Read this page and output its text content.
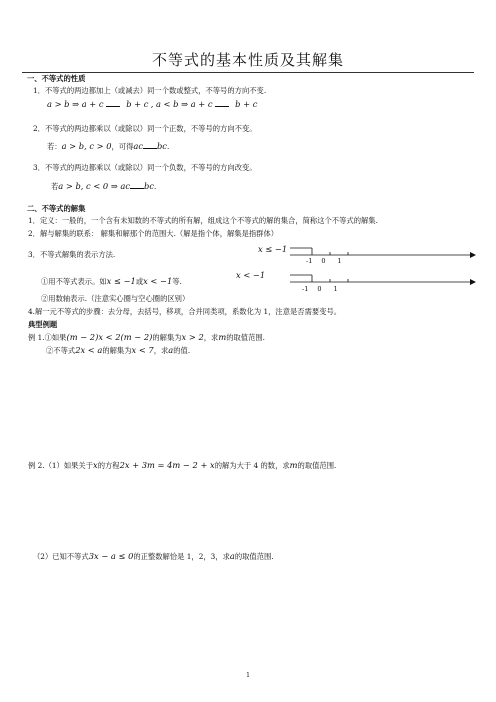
不等式的基本性质及其解集
一、不等式的性质
1．不等式的两边都加上（或减去）同一个数或整式，不等号的方向不变.
a > b ⇒ a + c	b + c , a < b ⇒ a + c	b + c
2．不等式的两边都乘以（或除以）同一个正数，不等号的方向不变。
若：a > b, c > 0，可得ac bc.
3．不等式的两边都乘以（或除以）同一个负数，不等号的方向改变。
若a > b, c < 0 ⇒ ac bc.
二、不等式的解集
1．定义：一般的，一个含有未知数的不等式的所有解，组成这个不等式的解的集合，简称这个不等式的解集.
2．解与解集的联系： 解集和解那个的范围大.（解是指个体，解集是指群体）
3．不等式解集的表示方法.
x ≤ −1
-1 0 1
x < −1
-1 0 1
①用不等式表示。如x ≤ −1或x < −1等.
②用数轴表示.（注意实心圈与空心圈的区别）
4.解一元不等式的步骤：去分母，去括号，移项，合并同类项，系数化为 1，注意是否需要变号。
典型例题
例 1.①如果(m − 2)x < 2(m − 2)的解集为x > 2，求m的取值范围.
②不等式2x < a的解集为x < 7，求a的值.
例 2.（1）如果关于x的方程2x + 3m = 4m − 2 + x的解为大于 4 的数，求m的取值范围.
（2）已知不等式3x − a ≤ 0的正整数解恰是 1，2，3，求a的取值范围.
1
